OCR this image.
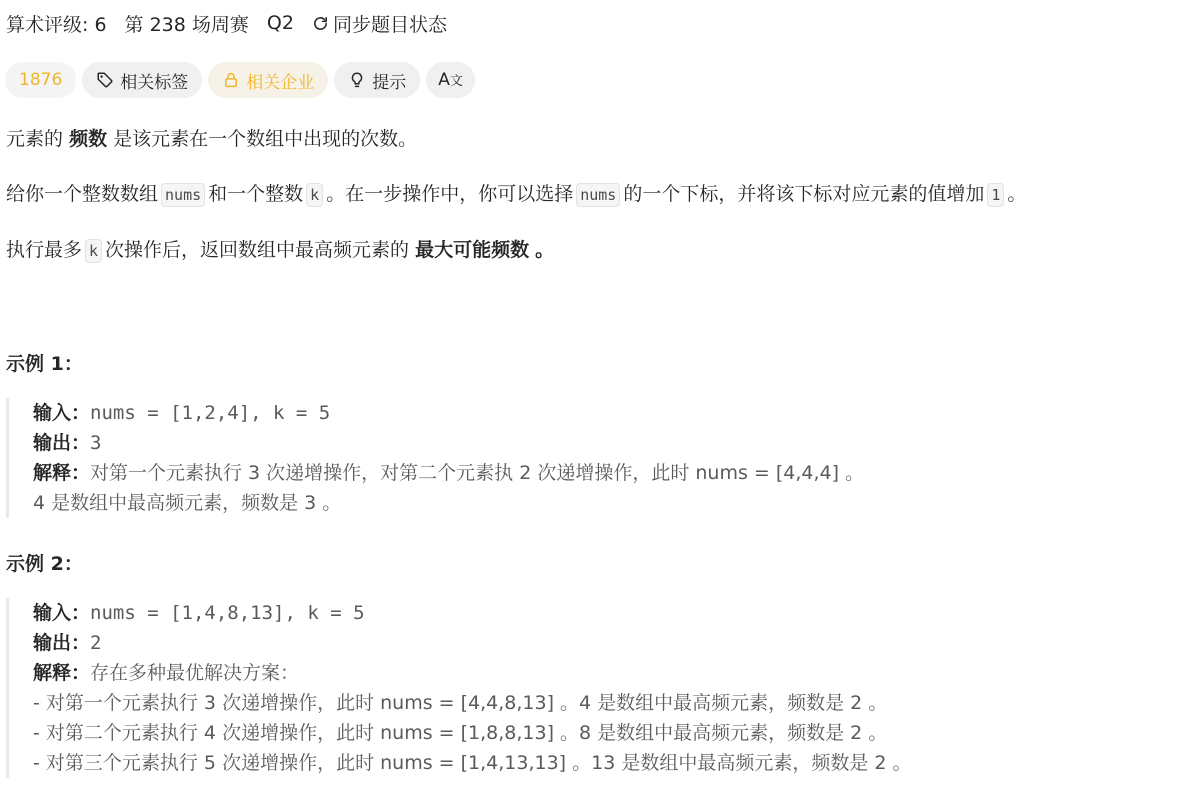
算术评级: 6 第 238 场周赛 Q2 同步题目状态
1876	相关标签	相关企业	提示 A文
元素的 频数 是该元素在一个数组中出现的次数。
给你一个整数数组 nums 和一个整数 k 。在一步操作中，你可以选择 nums 的一个下标，并将该下标对应元素的值增加 1 。
执行最多 k 次操作后，返回数组中最高频元素的 最大可能频数 。
示例 1：
输入：nums = [1,2,4], k = 5
输出：3
解释：对第一个元素执行 3 次递增操作，对第二个元素执 2 次递增操作，此时 nums = [4,4,4] 。
4 是数组中最高频元素，频数是 3 。
示例 2：
输入：nums = [1,4,8,13], k = 5
输出：2
解释：存在多种最优解决方案：
- 对第一个元素执行 3 次递增操作，此时 nums = [4,4,8,13] 。4 是数组中最高频元素，频数是 2 。
- 对第二个元素执行 4 次递增操作，此时 nums = [1,8,8,13] 。8 是数组中最高频元素，频数是 2 。
- 对第三个元素执行 5 次递增操作，此时 nums = [1,4,13,13] 。13 是数组中最高频元素，频数是 2 。
